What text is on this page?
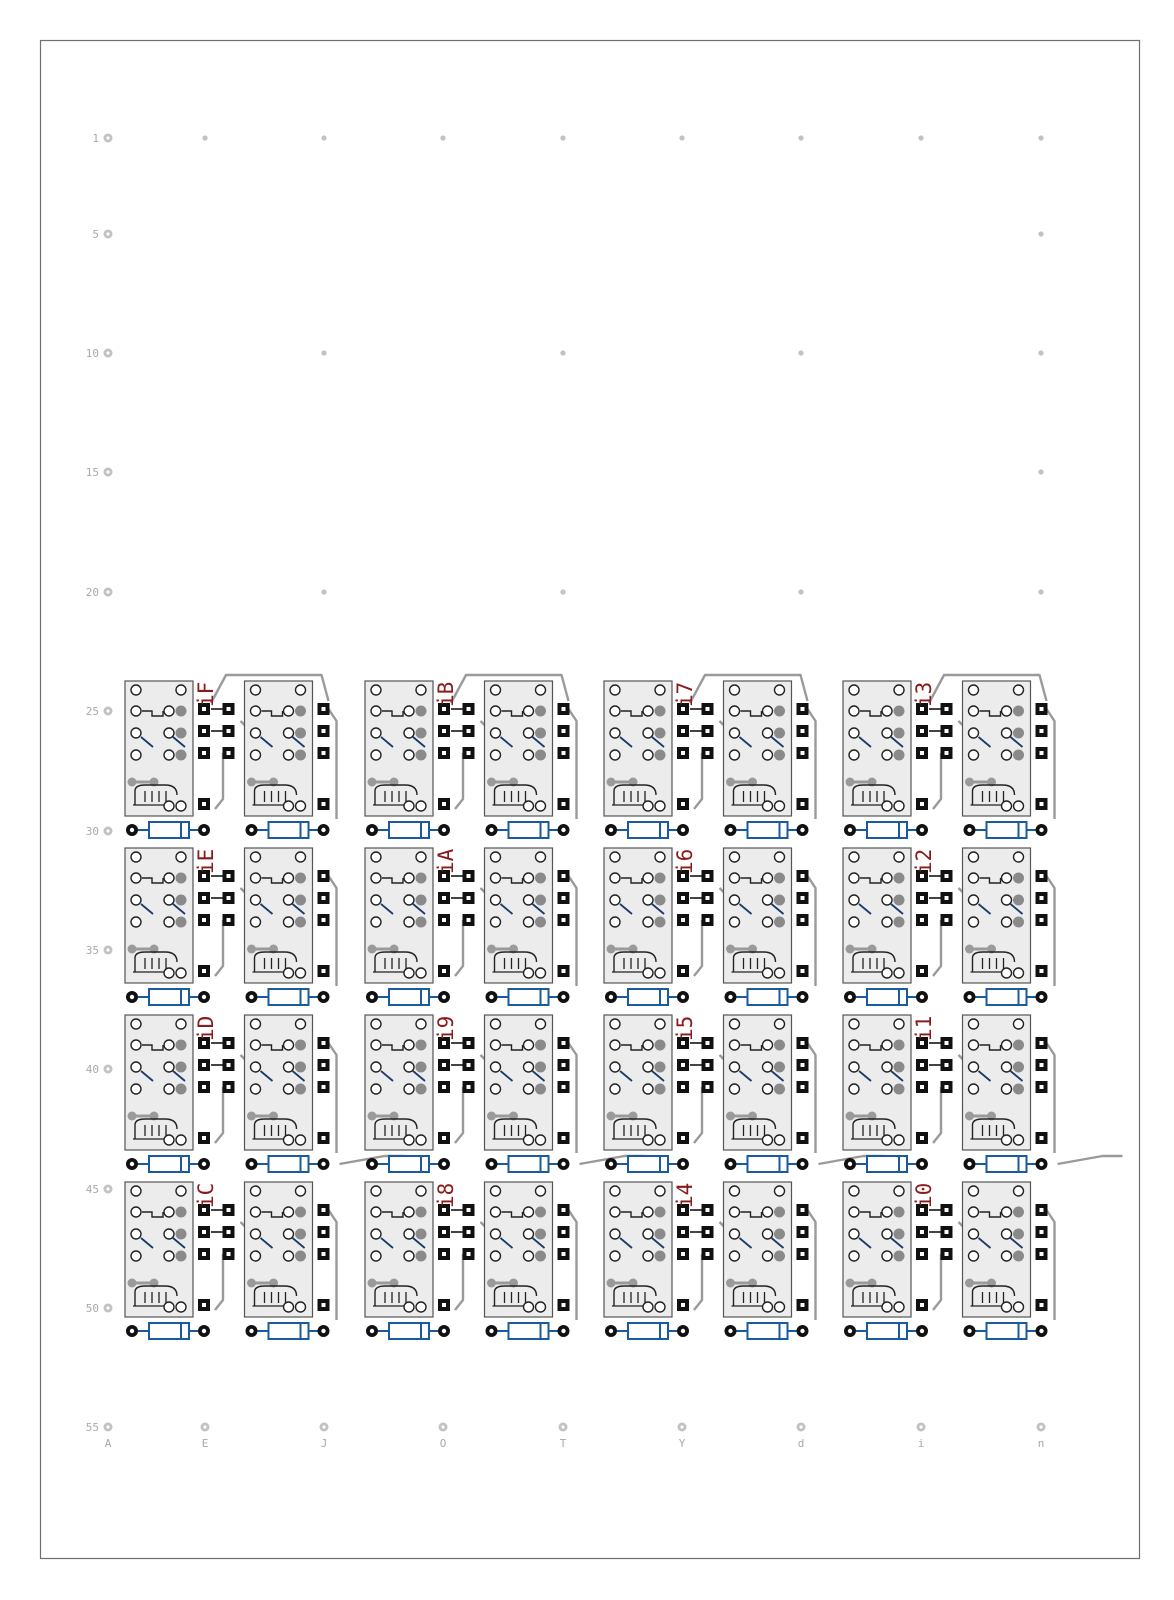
1
5
10
15
20
25
30
35
40
45
50
55
A	E	J	O	T	Y	d	i	n
iF	iB	i7	i3
iE	iA	i6	i2
iD	i9	i5	i1
iC	i8	i4	i0
